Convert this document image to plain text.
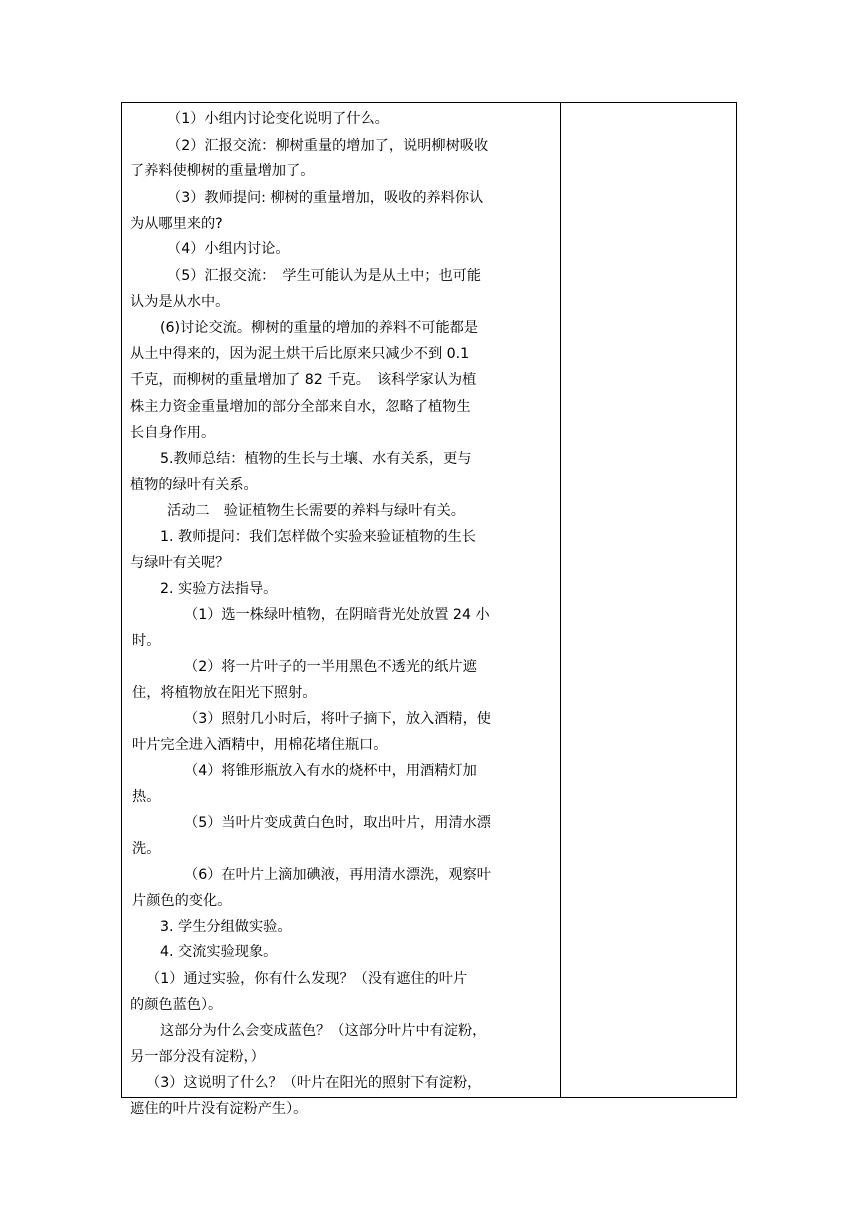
（1）小组内讨论变化说明了什么。
（2）汇报交流：柳树重量的增加了，说明柳树吸收
了养料使柳树的重量增加了。
（3）教师提问: 柳树的重量增加，吸收的养料你认
为从哪里来的?
（4）小组内讨论。
（5）汇报交流：　学生可能认为是从土中；也可能
认为是从水中。
(6)讨论交流。柳树的重量的增加的养料不可能都是
从土中得来的，因为泥土烘干后比原来只减少不到 0.1
千克，而柳树的重量增加了 82 千克。　该科学家认为植
株主力资金重量增加的部分全部来自水，忽略了植物生
长自身作用。
5.教师总结：植物的生长与土壤、水有关系，更与
植物的绿叶有关系。
活动二　验证植物生长需要的养料与绿叶有关。
1. 教师提问：我们怎样做个实验来验证植物的生长
与绿叶有关呢？
2. 实验方法指导。
（1）选一株绿叶植物，在阴暗背光处放置 24 小
时。
（2）将一片叶子的一半用黑色不透光的纸片遮
住，将植物放在阳光下照射。
（3）照射几小时后，将叶子摘下，放入酒精，使
叶片完全进入酒精中，用棉花堵住瓶口。
（4）将锥形瓶放入有水的烧杯中，用酒精灯加
热。
（5）当叶片变成黄白色时，取出叶片，用清水漂
洗。
（6）在叶片上滴加碘液，再用清水漂洗，观察叶
片颜色的变化。
3. 学生分组做实验。
4. 交流实验现象。
（1）通过实验，你有什么发现？（没有遮住的叶片
的颜色蓝色）。
这部分为什么会变成蓝色？（这部分叶片中有淀粉，
另一部分没有淀粉，）
（3）这说明了什么？（叶片在阳光的照射下有淀粉，
遮住的叶片没有淀粉产生）。
